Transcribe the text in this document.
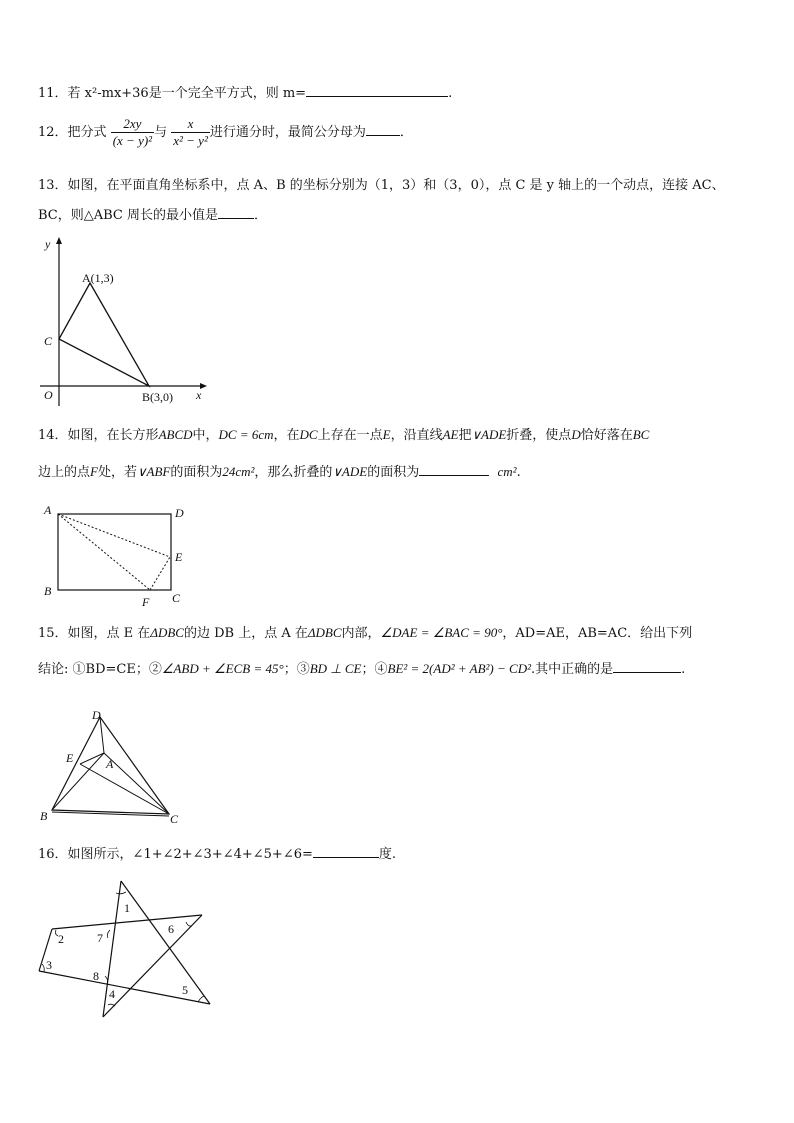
11．若 x²-mx+36是一个完全平方式，则 m=	.
12．把分式 $\frac{2xy}{\text{(x − y)²}}$ 与 $\frac{x}{\text{x² − y²}}$ 进行通分时，最简公分母为	．
13．如图，在平面直角坐标系中，点 A、B 的坐标分别为（1，3）和（3，0），点 C 是 y 轴上的一个动点，连接 AC、
BC，则△ABC 周长的最小值是	．
y
x
A(1,3)
B(3,0)
C
O
14．如图，在长方形ABCD中，DC = 6cm，在DC上存在一点E，沿直线AE把∨ADE折叠，使点D恰好落在BC
边上的点F处，若∨ABF的面积为24cm²，那么折叠的∨ADE的面积为	cm².
A	D
E
B
F C
15．如图，点 E 在ΔDBC的边 DB 上，点 A 在ΔDBC内部，∠DAE = ∠BAC = 90°，AD=AE，AB=AC．给出下列
结论: ①BD=CE；②∠ABD + ∠ECB = 45°；③BD ⊥ CE；④BE² = 2(AD² + AB²) − CD².其中正确的是	.
D
E	A
B	C
16．如图所示，∠1+∠2+∠3+∠4+∠5+∠6=	度.
1
2
3
4	5
6
7
8
